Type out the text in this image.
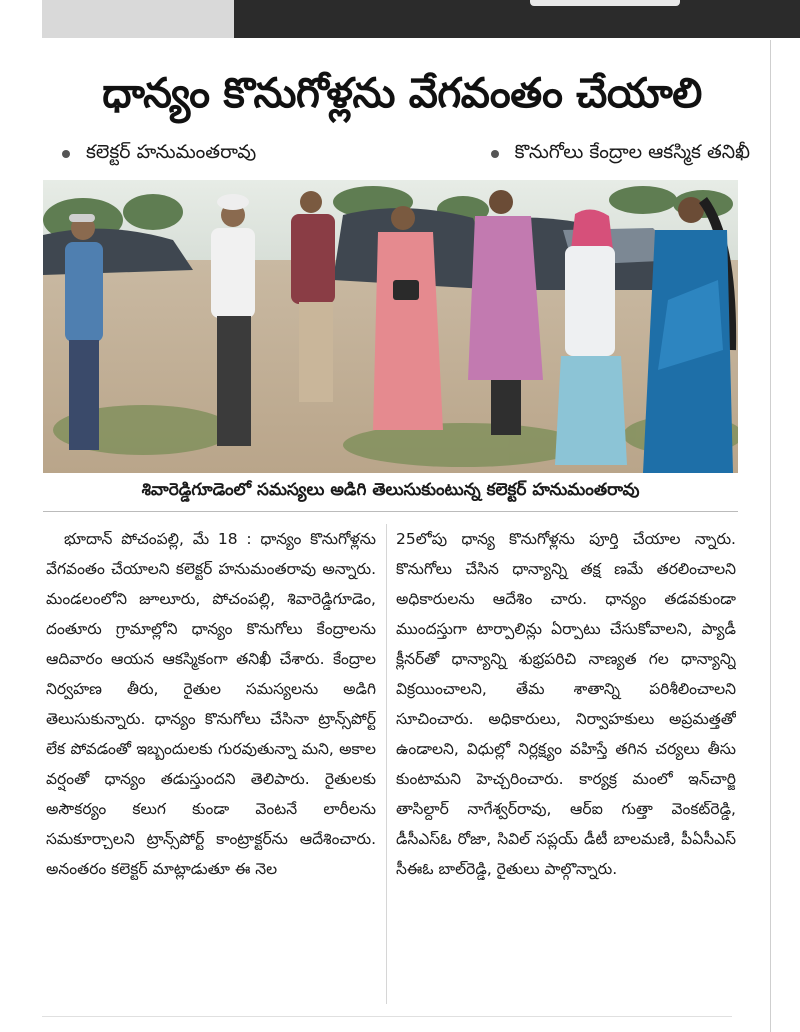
ధాన్యం కొనుగోళ్లను వేగవంతం చేయాలి
కలెక్టర్ హనుమంతరావు	కొనుగోలు కేంద్రాల ఆకస్మిక తనిఖీ
శివారెడ్డిగూడెంలో సమస్యలు అడిగి తెలుసుకుంటున్న కలెక్టర్ హనుమంతరావు

భూదాన్ పోచంపల్లి, మే 18 : ధాన్యం కొనుగోళ్లను వేగవంతం చేయాలని కలెక్టర్ హనుమంతరావు అన్నారు. మండలంలోని జూలూరు, పోచంపల్లి, శివారెడ్డిగూడెం, దంతూరు గ్రామాల్లోని ధాన్యం కొనుగోలు కేంద్రాలను ఆదివారం ఆయన ఆకస్మికంగా తనిఖీ చేశారు. కేంద్రాల నిర్వహణ తీరు, రైతుల సమస్యలను అడిగి తెలుసుకున్నారు. ధాన్యం కొనుగోలు చేసినా ట్రాన్స్‌పోర్ట్ లేక పోవడంతో ఇబ్బందులకు గురవుతున్నా మని, అకాల వర్షంతో ధాన్యం తడుస్తుందని తెలిపారు. రైతులకు అసౌకర్యం కలుగ కుండా వెంటనే లారీలను సమకూర్చాలని ట్రాన్స్‌పోర్ట్ కాంట్రాక్టర్‌ను ఆదేశించారు. అనంతరం కలెక్టర్ మాట్లాడుతూ ఈ నెల

25లోపు ధాన్య కొనుగోళ్లను పూర్తి చేయాల న్నారు. కొనుగోలు చేసిన ధాన్యాన్ని తక్ష ణమే తరలించాలని అధికారులను ఆదేశిం చారు. ధాన్యం తడవకుండా ముందస్తుగా టార్పాలిన్లు ఏర్పాటు చేసుకోవాలని, ప్యాడీ క్లీనర్‌తో ధాన్యాన్ని శుభ్రపరిచి నాణ్యత గల ధాన్యాన్ని విక్రయించాలని, తేమ శాతాన్ని పరిశీలించాలని సూచించారు. అధికారులు, నిర్వాహకులు అప్రమత్తతో ఉండాలని, విధుల్లో నిర్లక్ష్యం వహిస్తే తగిన చర్యలు తీసు కుంటామని హెచ్చరించారు. కార్యక్ర మంలో ఇన్‌చార్జి తాసిల్దార్ నాగేశ్వర్‌రావు, ఆర్ఐ గుత్తా వెంకట్‌రెడ్డి, డీసీఎస్‌ఓ రోజా, సివిల్ సప్లయ్ డీటీ బాలమణి, పీఏసీఎస్ సీఈఓ బాల్‌రెడ్డి, రైతులు పాల్గొన్నారు.
